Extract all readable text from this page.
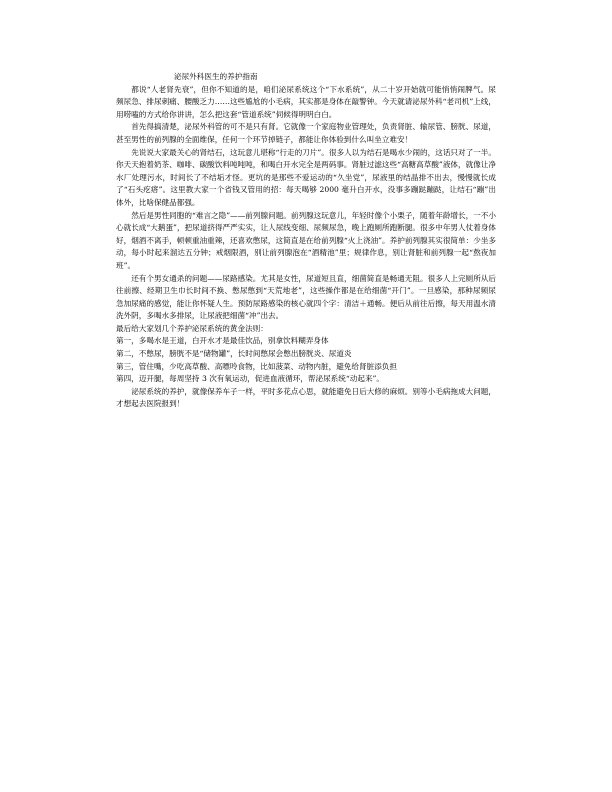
泌尿外科医生的养护指南

都说“人老肾先衰”，但你不知道的是，咱们泌尿系统这个“下水系统”，从二十岁开始就可能悄悄闹脾气。尿频尿急、排尿刺痛、腰酸乏力……这些尴尬的小毛病，其实都是身体在敲警钟。今天就请泌尿外科“老司机”上线，用唠嗑的方式给你讲讲，怎么把这套“管道系统”伺候得明明白白。

首先得搞清楚，泌尿外科管的可不是只有肾。它就像一个家庭物业管理处，负责肾脏、输尿管、膀胱、尿道，甚至男性的前列腺的全面维保，任何一个环节掉链子，都能让你体验到什么叫坐立难安！

先说说大家最关心的肾结石，这玩意儿堪称“行走的刀片”。很多人以为结石是喝水少闹的，这话只对了一半。你天天抱着奶茶、咖啡、碳酸饮料吨吨吨，和喝白开水完全是两码事。肾脏过滤这些“高糖高草酸”液体，就像让净水厂处理污水，时间长了不结垢才怪。更坑的是那些不爱运动的“久坐党”，尿液里的结晶排不出去，慢慢就长成了“石头疙瘩”。这里教大家一个省钱又管用的招：每天喝够 2000 毫升白开水，没事多蹦跶蹦跶，让结石“蹦”出体外，比啥保健品都强。

然后是男性同胞的“难言之隐”——前列腺问题。前列腺这玩意儿，年轻时像个小栗子，随着年龄增长，一不小心就长成“大鹅蛋”，把尿道挤得严严实实，让人尿线变细、尿频尿急，晚上跑厕所跑断腿。很多中年男人仗着身体好，烟酒不离手，顿顿重油重辣，还喜欢憋尿，这简直是在给前列腺“火上浇油”。养护前列腺其实很简单：少坐多动，每小时起来溜达五分钟；戒烟限酒，别让前列腺泡在“酒精池”里；规律作息，别让肾脏和前列腺一起“熬夜加班”。

还有个男女通杀的问题——尿路感染。尤其是女性，尿道短且直，细菌简直是畅通无阻。很多人上完厕所从后往前擦、经期卫生巾长时间不换、憋尿憋到“天荒地老”，这些操作都是在给细菌“开门”。一旦感染，那种尿频尿急加尿痛的感觉，能让你怀疑人生。预防尿路感染的核心就四个字：清洁＋通畅。便后从前往后擦，每天用温水清洗外阴，多喝水多排尿，让尿液把细菌“冲”出去。

最后给大家划几个养护泌尿系统的黄金法则：

第一，多喝水是王道，白开水才是最佳饮品，别拿饮料糊弄身体

第二，不憋尿，膀胱不是“储物罐”，长时间憋尿会憋出膀胱炎、尿道炎

第三，管住嘴，少吃高草酸、高嘌呤食物，比如菠菜、动物内脏，避免给肾脏添负担

第四，迈开腿，每周坚持 3 次有氧运动，促进血液循环，帮泌尿系统“动起来”。

泌尿系统的养护，就像保养车子一样，平时多花点心思，就能避免日后大修的麻烦。别等小毛病拖成大问题，才想起去医院报到！
